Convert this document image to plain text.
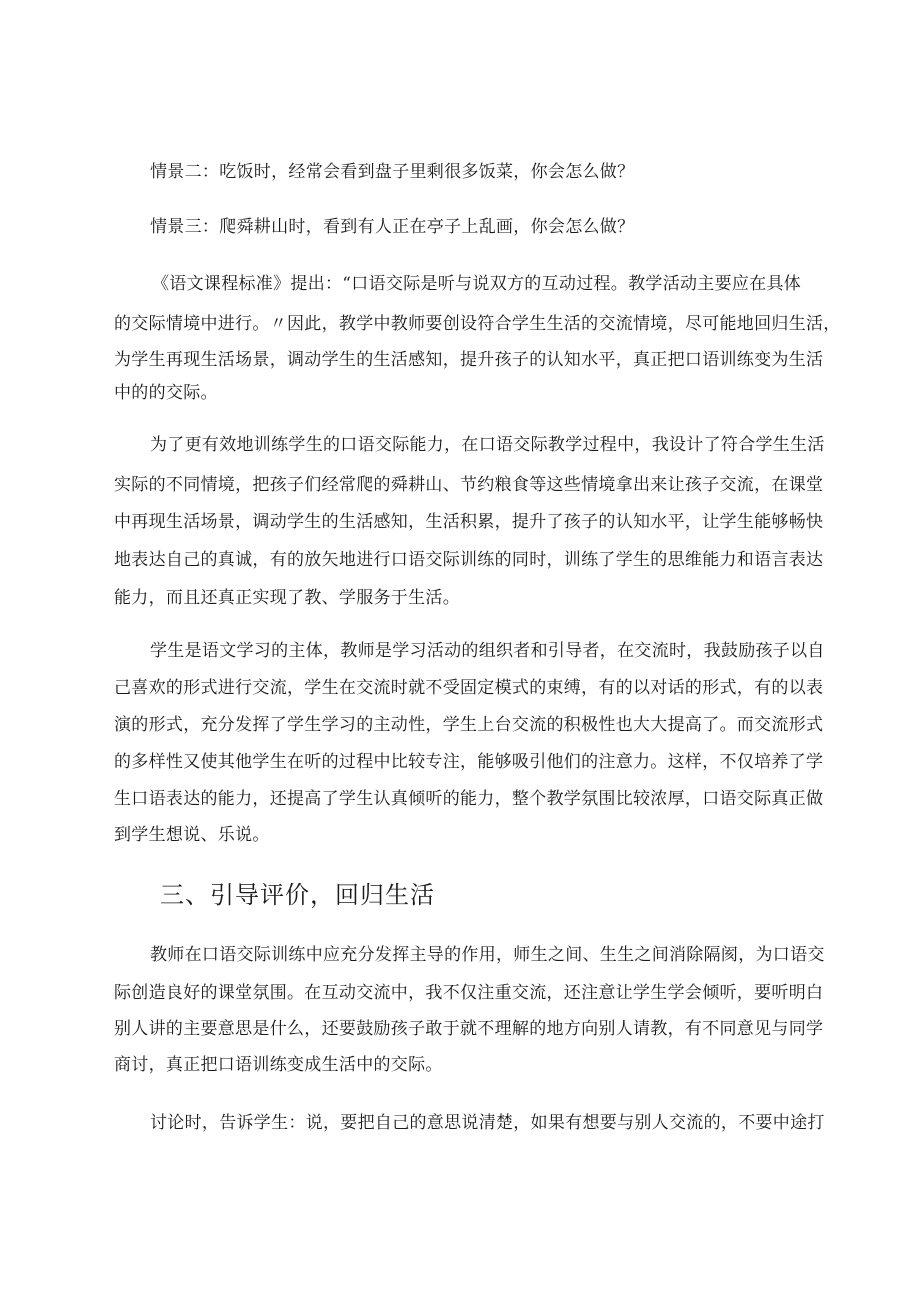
情景二：吃饭时，经常会看到盘子里剩很多饭菜，你会怎么做？
情景三：爬舜耕山时，看到有人正在亭子上乱画，你会怎么做？
《语文课程标准》提出：“口语交际是听与说双方的互动过程。教学活动主要应在具体
的交际情境中进行。〃因此，教学中教师要创设符合学生生活的交流情境，尽可能地回归生活，
为学生再现生活场景，调动学生的生活感知，提升孩子的认知水平，真正把口语训练变为生活
中的的交际。
为了更有效地训练学生的口语交际能力，在口语交际教学过程中，我设计了符合学生生活
实际的不同情境，把孩子们经常爬的舜耕山、节约粮食等这些情境拿出来让孩子交流，在课堂
中再现生活场景，调动学生的生活感知，生活积累，提升了孩子的认知水平，让学生能够畅快
地表达自己的真诚，有的放矢地进行口语交际训练的同时，训练了学生的思维能力和语言表达
能力，而且还真正实现了教、学服务于生活。
学生是语文学习的主体，教师是学习活动的组织者和引导者，在交流时，我鼓励孩子以自
己喜欢的形式进行交流，学生在交流时就不受固定模式的束缚，有的以对话的形式，有的以表
演的形式，充分发挥了学生学习的主动性，学生上台交流的积极性也大大提高了。而交流形式
的多样性又使其他学生在听的过程中比较专注，能够吸引他们的注意力。这样，不仅培养了学
生口语表达的能力，还提高了学生认真倾听的能力，整个教学氛围比较浓厚，口语交际真正做
到学生想说、乐说。
三、引导评价，回归生活
教师在口语交际训练中应充分发挥主导的作用，师生之间、生生之间消除隔阂，为口语交
际创造良好的课堂氛围。在互动交流中，我不仅注重交流，还注意让学生学会倾听，要听明白
别人讲的主要意思是什么，还要鼓励孩子敢于就不理解的地方向别人请教，有不同意见与同学
商讨，真正把口语训练变成生活中的交际。
讨论时，告诉学生：说，要把自己的意思说清楚，如果有想要与别人交流的，不要中途打
